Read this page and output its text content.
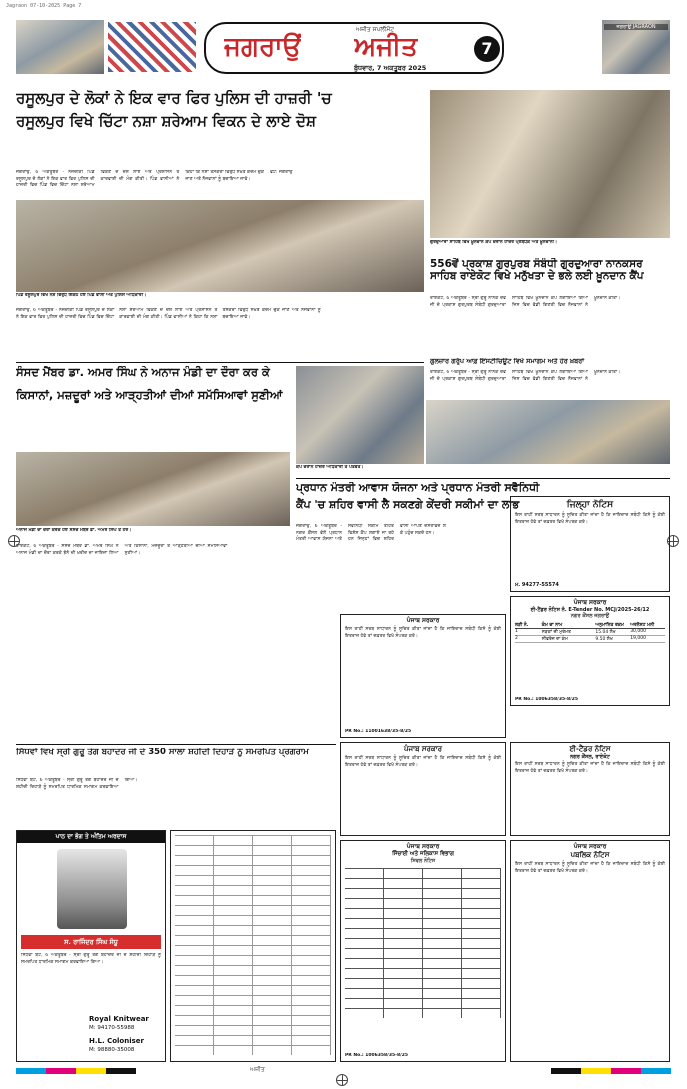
Jagraon 07-10-2025 Page 7
ਜਗਰਾਉਂ
ਅਜੀਤ ਸਪਲੀਮੈਂਟ
ਅਜੀਤ
ਬੁੱਧਵਾਰ, 7 ਅਕਤੂਬਰ 2025
7
ਜਗਰਾਉਂ JAGRAON
ਰਸੂਲਪੁਰ ਦੇ ਲੋਕਾਂ ਨੇ ਇਕ ਵਾਰ ਫਿਰ ਪੁਲਿਸ ਦੀ ਹਾਜ਼ਰੀ 'ਚ
ਰਸੂਲਪੁਰ ਵਿਖੇ ਚਿੱਟਾ ਨਸ਼ਾ ਸ਼ਰੇਆਮ ਵਿਕਨ ਦੇ ਲਾਏ ਦੋਸ਼
ਜਗਰਾਉਂ, 6 ਅਕਤੂਬਰ - ਨਜ਼ਦੀਕੀ ਪਿੰਡ ਰਸੂਲਪੁਰ ਦੇ ਲੋਕਾਂ ਨੇ ਇਕ ਵਾਰ ਫਿਰ ਪੁਲਿਸ ਦੀ ਹਾਜ਼ਰੀ ਵਿਚ ਪਿੰਡ ਵਿਚ ਚਿੱਟਾ ਨਸ਼ਾ ਸ਼ਰੇਆਮ ਵਿਕਣ ਦੇ ਦੋਸ਼ ਲਾਏ ਅਤੇ ਪ੍ਰਸ਼ਾਸਨ ਤੋਂ ਕਾਰਵਾਈ ਦੀ ਮੰਗ ਕੀਤੀ। ਪਿੰਡ ਵਾਸੀਆਂ ਨੇ ਕਿਹਾ ਕਿ ਨਸ਼ਾ ਤਸਕਰਾਂ ਵਿਰੁੱਧ ਸਖ਼ਤ ਕਦਮ ਚੁੱਕੇ ਜਾਣ ਅਤੇ ਨੌਜਵਾਨਾਂ ਨੂੰ ਬਚਾਇਆ ਜਾਵੇ।
ਪਿੰਡ ਰਸੂਲਪੁਰ ਵਿਖੇ ਨਸ਼ੇ ਵਿਰੁੱਧ ਇਕੱਠੇ ਹੋਏ ਪਿੰਡ ਵਾਸੀ ਅਤੇ ਪੁਲਿਸ ਅਧਿਕਾਰੀ।
ਜਗਰਾਉਂ, 6 ਅਕਤੂਬਰ - ਨਜ਼ਦੀਕੀ ਪਿੰਡ ਰਸੂਲਪੁਰ ਦੇ ਲੋਕਾਂ ਨੇ ਇਕ ਵਾਰ ਫਿਰ ਪੁਲਿਸ ਦੀ ਹਾਜ਼ਰੀ ਵਿਚ ਪਿੰਡ ਵਿਚ ਚਿੱਟਾ ਨਸ਼ਾ ਸ਼ਰੇਆਮ ਵਿਕਣ ਦੇ ਦੋਸ਼ ਲਾਏ ਅਤੇ ਪ੍ਰਸ਼ਾਸਨ ਤੋਂ ਕਾਰਵਾਈ ਦੀ ਮੰਗ ਕੀਤੀ। ਪਿੰਡ ਵਾਸੀਆਂ ਨੇ ਕਿਹਾ ਕਿ ਨਸ਼ਾ ਤਸਕਰਾਂ ਵਿਰੁੱਧ ਸਖ਼ਤ ਕਦਮ ਚੁੱਕੇ ਜਾਣ ਅਤੇ ਨੌਜਵਾਨਾਂ ਨੂੰ ਬਚਾਇਆ ਜਾਵੇ।
ਫੋਟੋ: ਜਗਰਾਉਂ
ਗੁਰਦੁਆਰਾ ਸਾਹਿਬ ਵਿਖੇ ਖ਼ੂਨਦਾਨ ਕੈਂਪ ਦੌਰਾਨ ਹਾਜ਼ਰ ਪ੍ਰਬੰਧਕ ਅਤੇ ਖ਼ੂਨਦਾਨੀ।
556ਵੇਂ ਪ੍ਰਕਾਸ਼ ਗੁਰਪੁਰਬ ਸੰਬੰਧੀ ਗੁਰਦੁਆਰਾ ਨਾਨਕਸਰ ਸਾਹਿਬ ਰਾਏਕੋਟ ਵਿਖੇ ਮਨੁੱਖਤਾ ਦੇ ਭਲੇ ਲਈ ਖ਼ੂਨਦਾਨ ਕੈਂਪ
ਰਾਏਕੋਟ, 6 ਅਕਤੂਬਰ - ਸ੍ਰੀ ਗੁਰੂ ਨਾਨਕ ਦੇਵ ਜੀ ਦੇ ਪ੍ਰਕਾਸ਼ ਗੁਰਪੁਰਬ ਸੰਬੰਧੀ ਗੁਰਦੁਆਰਾ ਸਾਹਿਬ ਵਿਖੇ ਖ਼ੂਨਦਾਨ ਕੈਂਪ ਲਗਾਇਆ ਗਿਆ ਜਿਸ ਵਿਚ ਵੱਡੀ ਗਿਣਤੀ ਵਿਚ ਨੌਜਵਾਨਾਂ ਨੇ ਖ਼ੂਨਦਾਨ ਕੀਤਾ।
ਗੁਲਜ਼ਾਰ ਗਰੁੱਪ ਆਫ਼ ਇੰਸਟੀਚਿਊਟ ਵਿਖੇ ਸਮਾਗਮ ਅਤੇ ਹੋਰ ਖ਼ਬਰਾਂ
ਰਾਏਕੋਟ, 6 ਅਕਤੂਬਰ - ਸ੍ਰੀ ਗੁਰੂ ਨਾਨਕ ਦੇਵ ਜੀ ਦੇ ਪ੍ਰਕਾਸ਼ ਗੁਰਪੁਰਬ ਸੰਬੰਧੀ ਗੁਰਦੁਆਰਾ ਸਾਹਿਬ ਵਿਖੇ ਖ਼ੂਨਦਾਨ ਕੈਂਪ ਲਗਾਇਆ ਗਿਆ ਜਿਸ ਵਿਚ ਵੱਡੀ ਗਿਣਤੀ ਵਿਚ ਨੌਜਵਾਨਾਂ ਨੇ ਖ਼ੂਨਦਾਨ ਕੀਤਾ।
ਸੰਸਦ ਮੈਂਬਰ ਡਾ. ਅਮਰ ਸਿੰਘ ਨੇ ਅਨਾਜ ਮੰਡੀ ਦਾ ਦੌਰਾ ਕਰ ਕੇ
ਕਿਸਾਨਾਂ, ਮਜ਼ਦੂਰਾਂ ਅਤੇ ਆੜ੍ਹਤੀਆਂ ਦੀਆਂ ਸਮੱਸਿਆਵਾਂ ਸੁਣੀਆਂ
ਕੈਂਪ ਦੌਰਾਨ ਹਾਜ਼ਰ ਅਧਿਕਾਰੀ ਤੇ ਪਤਵੰਤੇ।
ਅਨਾਜ ਮੰਡੀ ਦਾ ਦੌਰਾ ਕਰਦੇ ਹੋਏ ਸੰਸਦ ਮੈਂਬਰ ਡਾ. ਅਮਰ ਸਿੰਘ ਤੇ ਹੋਰ।
ਰਾਏਕੋਟ, 6 ਅਕਤੂਬਰ - ਸੰਸਦ ਮੈਂਬਰ ਡਾ. ਅਮਰ ਸਿੰਘ ਨੇ ਅਨਾਜ ਮੰਡੀ ਦਾ ਦੌਰਾ ਕਰਕੇ ਝੋਨੇ ਦੀ ਖ਼ਰੀਦ ਦਾ ਜਾਇਜ਼ਾ ਲਿਆ ਅਤੇ ਕਿਸਾਨਾਂ, ਮਜ਼ਦੂਰਾਂ ਤੇ ਆੜ੍ਹਤੀਆਂ ਦੀਆਂ ਸਮੱਸਿਆਵਾਂ ਸੁਣੀਆਂ।
ਪ੍ਰਧਾਨ ਮੰਤਰੀ ਆਵਾਸ ਯੋਜਨਾ ਅਤੇ ਪ੍ਰਧਾਨ ਮੰਤਰੀ ਸਵੈਨਿਧੀ
ਕੈਂਪ 'ਚ ਸ਼ਹਿਰ ਵਾਸੀ ਲੈ ਸਕਣਗੇ ਕੇਂਦਰੀ ਸਕੀਮਾਂ ਦਾ ਲਾਭ
ਜਗਰਾਉਂ, 6 ਅਕਤੂਬਰ - ਨਗਰ ਕੌਂਸਲ ਵੱਲੋਂ ਪ੍ਰਧਾਨ ਮੰਤਰੀ ਆਵਾਸ ਯੋਜਨਾ ਅਤੇ ਸਵੈਨਿਧੀ ਸਕੀਮ ਤਹਿਤ ਵਿਸ਼ੇਸ਼ ਕੈਂਪ ਲਗਾਏ ਜਾ ਰਹੇ ਹਨ ਜਿਨ੍ਹਾਂ ਵਿਚ ਸ਼ਹਿਰ ਵਾਸੀ ਆਪਣੇ ਦਸਤਾਵੇਜ਼ ਲੈ ਕੇ ਪਹੁੰਚ ਸਕਦੇ ਹਨ।
ਜਿਲ੍ਹਾ ਨੋਟਿਸ
ਇਸ ਰਾਹੀਂ ਸਰਬ ਸਾਧਾਰਨ ਨੂੰ ਸੂਚਿਤ ਕੀਤਾ ਜਾਂਦਾ ਹੈ ਕਿ ਜਾਇਦਾਦ ਸਬੰਧੀ ਕਿਸੇ ਨੂੰ ਕੋਈ ਇਤਰਾਜ਼ ਹੋਵੇ ਤਾਂ ਦਫ਼ਤਰ ਵਿਖੇ ਸੰਪਰਕ ਕਰੇ।
ਮੋ. 94277-55574
ਪੰਜਾਬ ਸਰਕਾਰ
ਈ-ਟੈਂਡਰ ਨੋਟਿਸ ਨੰ. E-Tender No. MCJ/2025-26/12
ਨਗਰ ਕੌਂਸਲ ਜਗਰਾਉਂ
ਲੜੀ ਨੰ.	ਕੰਮ ਦਾ ਨਾਮ	ਅਨੁਮਾਨਿਤ ਰਕਮ	ਅਰਨੈਸਟ ਮਨੀ
1	ਸੜਕਾਂ ਦੀ ਮੁਰੰਮਤ	15.04 ਲੱਖ	30,000
2	ਸੀਵਰੇਜ ਦਾ ਕੰਮ	9.50 ਲੱਖ	19,000
PR No.: 1006358/35-8/25
ਪੰਜਾਬ ਸਰਕਾਰ
ਇਸ ਰਾਹੀਂ ਸਰਬ ਸਾਧਾਰਨ ਨੂੰ ਸੂਚਿਤ ਕੀਤਾ ਜਾਂਦਾ ਹੈ ਕਿ ਜਾਇਦਾਦ ਸਬੰਧੀ ਕਿਸੇ ਨੂੰ ਕੋਈ ਇਤਰਾਜ਼ ਹੋਵੇ ਤਾਂ ਦਫ਼ਤਰ ਵਿਖੇ ਸੰਪਰਕ ਕਰੇ।
PR No.: 11001638/35-8/25
ਪੰਜਾਬ ਸਰਕਾਰ
ਇਸ ਰਾਹੀਂ ਸਰਬ ਸਾਧਾਰਨ ਨੂੰ ਸੂਚਿਤ ਕੀਤਾ ਜਾਂਦਾ ਹੈ ਕਿ ਜਾਇਦਾਦ ਸਬੰਧੀ ਕਿਸੇ ਨੂੰ ਕੋਈ ਇਤਰਾਜ਼ ਹੋਵੇ ਤਾਂ ਦਫ਼ਤਰ ਵਿਖੇ ਸੰਪਰਕ ਕਰੇ।
ਈ-ਟੈਂਡਰ ਨੋਟਿਸ
ਨਗਰ ਕੌਂਸਲ, ਰਾਏਕੋਟ
ਇਸ ਰਾਹੀਂ ਸਰਬ ਸਾਧਾਰਨ ਨੂੰ ਸੂਚਿਤ ਕੀਤਾ ਜਾਂਦਾ ਹੈ ਕਿ ਜਾਇਦਾਦ ਸਬੰਧੀ ਕਿਸੇ ਨੂੰ ਕੋਈ ਇਤਰਾਜ਼ ਹੋਵੇ ਤਾਂ ਦਫ਼ਤਰ ਵਿਖੇ ਸੰਪਰਕ ਕਰੇ।
ਪੰਜਾਬ ਸਰਕਾਰ
ਸਿੰਚਾਈ ਅਤੇ ਜਲਿਕਾਸ ਵਿਭਾਗ
ਸਿਵਲ ਨੋਟਿਸ
PR No.: 1006358/35-8/25
ਪੰਜਾਬ ਸਰਕਾਰ
ਪਬਲਿਕ ਨੋਟਿਸ
ਇਸ ਰਾਹੀਂ ਸਰਬ ਸਾਧਾਰਨ ਨੂੰ ਸੂਚਿਤ ਕੀਤਾ ਜਾਂਦਾ ਹੈ ਕਿ ਜਾਇਦਾਦ ਸਬੰਧੀ ਕਿਸੇ ਨੂੰ ਕੋਈ ਇਤਰਾਜ਼ ਹੋਵੇ ਤਾਂ ਦਫ਼ਤਰ ਵਿਖੇ ਸੰਪਰਕ ਕਰੇ।
ਸਿੱਧਵਾਂ ਵਿਖੇ ਸ੍ਰੀ ਗੁਰੂ ਤੇਗ ਬਹਾਦਰ ਜੀ ਦੇ 350 ਸਾਲਾ ਸ਼ਹੀਦੀ ਦਿਹਾੜੇ ਨੂੰ ਸਮਰਪਿਤ ਪ੍ਰੋਗਰਾਮ
ਸਿੱਧਵਾਂ ਬੇਟ, 6 ਅਕਤੂਬਰ - ਸ੍ਰੀ ਗੁਰੂ ਤੇਗ ਬਹਾਦਰ ਜੀ ਦੇ ਸ਼ਹੀਦੀ ਦਿਹਾੜੇ ਨੂੰ ਸਮਰਪਿਤ ਧਾਰਮਿਕ ਸਮਾਗਮ ਕਰਵਾਇਆ ਗਿਆ।
ਪਾਠ ਦਾ ਭੋਗ ਤੇ ਅੰਤਿਮ ਅਰਦਾਸ
ਸ. ਰਾਜਿੰਦਰ ਸਿੰਘ ਸੰਧੂ
ਸਿੱਧਵਾਂ ਬੇਟ, 6 ਅਕਤੂਬਰ - ਸ੍ਰੀ ਗੁਰੂ ਤੇਗ ਬਹਾਦਰ ਜੀ ਦੇ ਸ਼ਹੀਦੀ ਦਿਹਾੜੇ ਨੂੰ ਸਮਰਪਿਤ ਧਾਰਮਿਕ ਸਮਾਗਮ ਕਰਵਾਇਆ ਗਿਆ।
Royal Knitwear
M: 94170-55988
H.L. Coloniser
M: 98880-35008
ਅਜੀਤ
